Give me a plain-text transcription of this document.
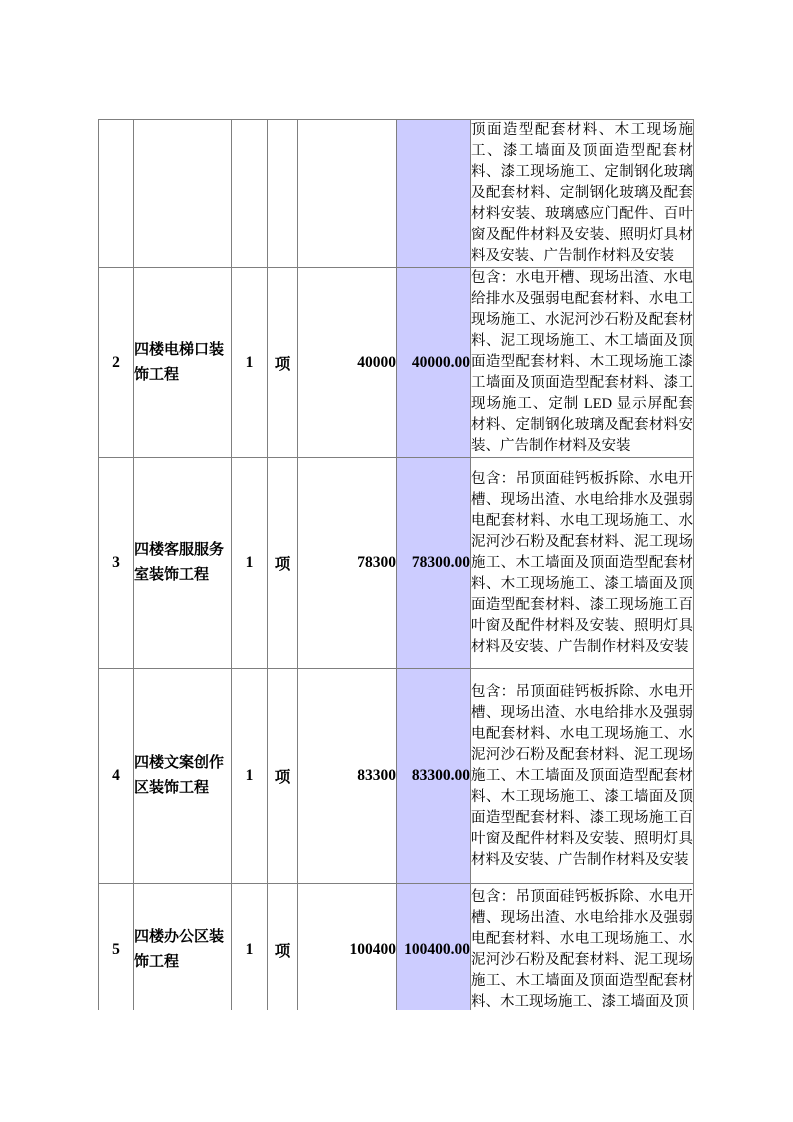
						顶面造型配套材料、木工现场施工、漆工墙面及顶面造型配套材料、漆工现场施工、定制钢化玻璃及配套材料、定制钢化玻璃及配套材料安装、玻璃感应门配件、百叶窗及配件材料及安装、照明灯具材料及安装、广告制作材料及安装
2	四楼电梯口装饰工程	1	项	40000	40000.00	包含：水电开槽、现场出渣、水电给排水及强弱电配套材料、水电工现场施工、水泥河沙石粉及配套材料、泥工现场施工、木工墙面及顶面造型配套材料、木工现场施工漆工墙面及顶面造型配套材料、漆工现场施工、定制 LED 显示屏配套材料、定制钢化玻璃及配套材料安装、广告制作材料及安装
3	四楼客服服务室装饰工程	1	项	78300	78300.00	包含：吊顶面硅钙板拆除、水电开槽、现场出渣、水电给排水及强弱电配套材料、水电工现场施工、水泥河沙石粉及配套材料、泥工现场施工、木工墙面及顶面造型配套材料、木工现场施工、漆工墙面及顶面造型配套材料、漆工现场施工百叶窗及配件材料及安装、照明灯具材料及安装、广告制作材料及安装
4	四楼文案创作区装饰工程	1	项	83300	83300.00	包含：吊顶面硅钙板拆除、水电开槽、现场出渣、水电给排水及强弱电配套材料、水电工现场施工、水泥河沙石粉及配套材料、泥工现场施工、木工墙面及顶面造型配套材料、木工现场施工、漆工墙面及顶面造型配套材料、漆工现场施工百叶窗及配件材料及安装、照明灯具材料及安装、广告制作材料及安装
5	四楼办公区装饰工程	1	项	100400	100400.00	包含：吊顶面硅钙板拆除、水电开槽、现场出渣、水电给排水及强弱电配套材料、水电工现场施工、水泥河沙石粉及配套材料、泥工现场施工、木工墙面及顶面造型配套材料、木工现场施工、漆工墙面及顶
